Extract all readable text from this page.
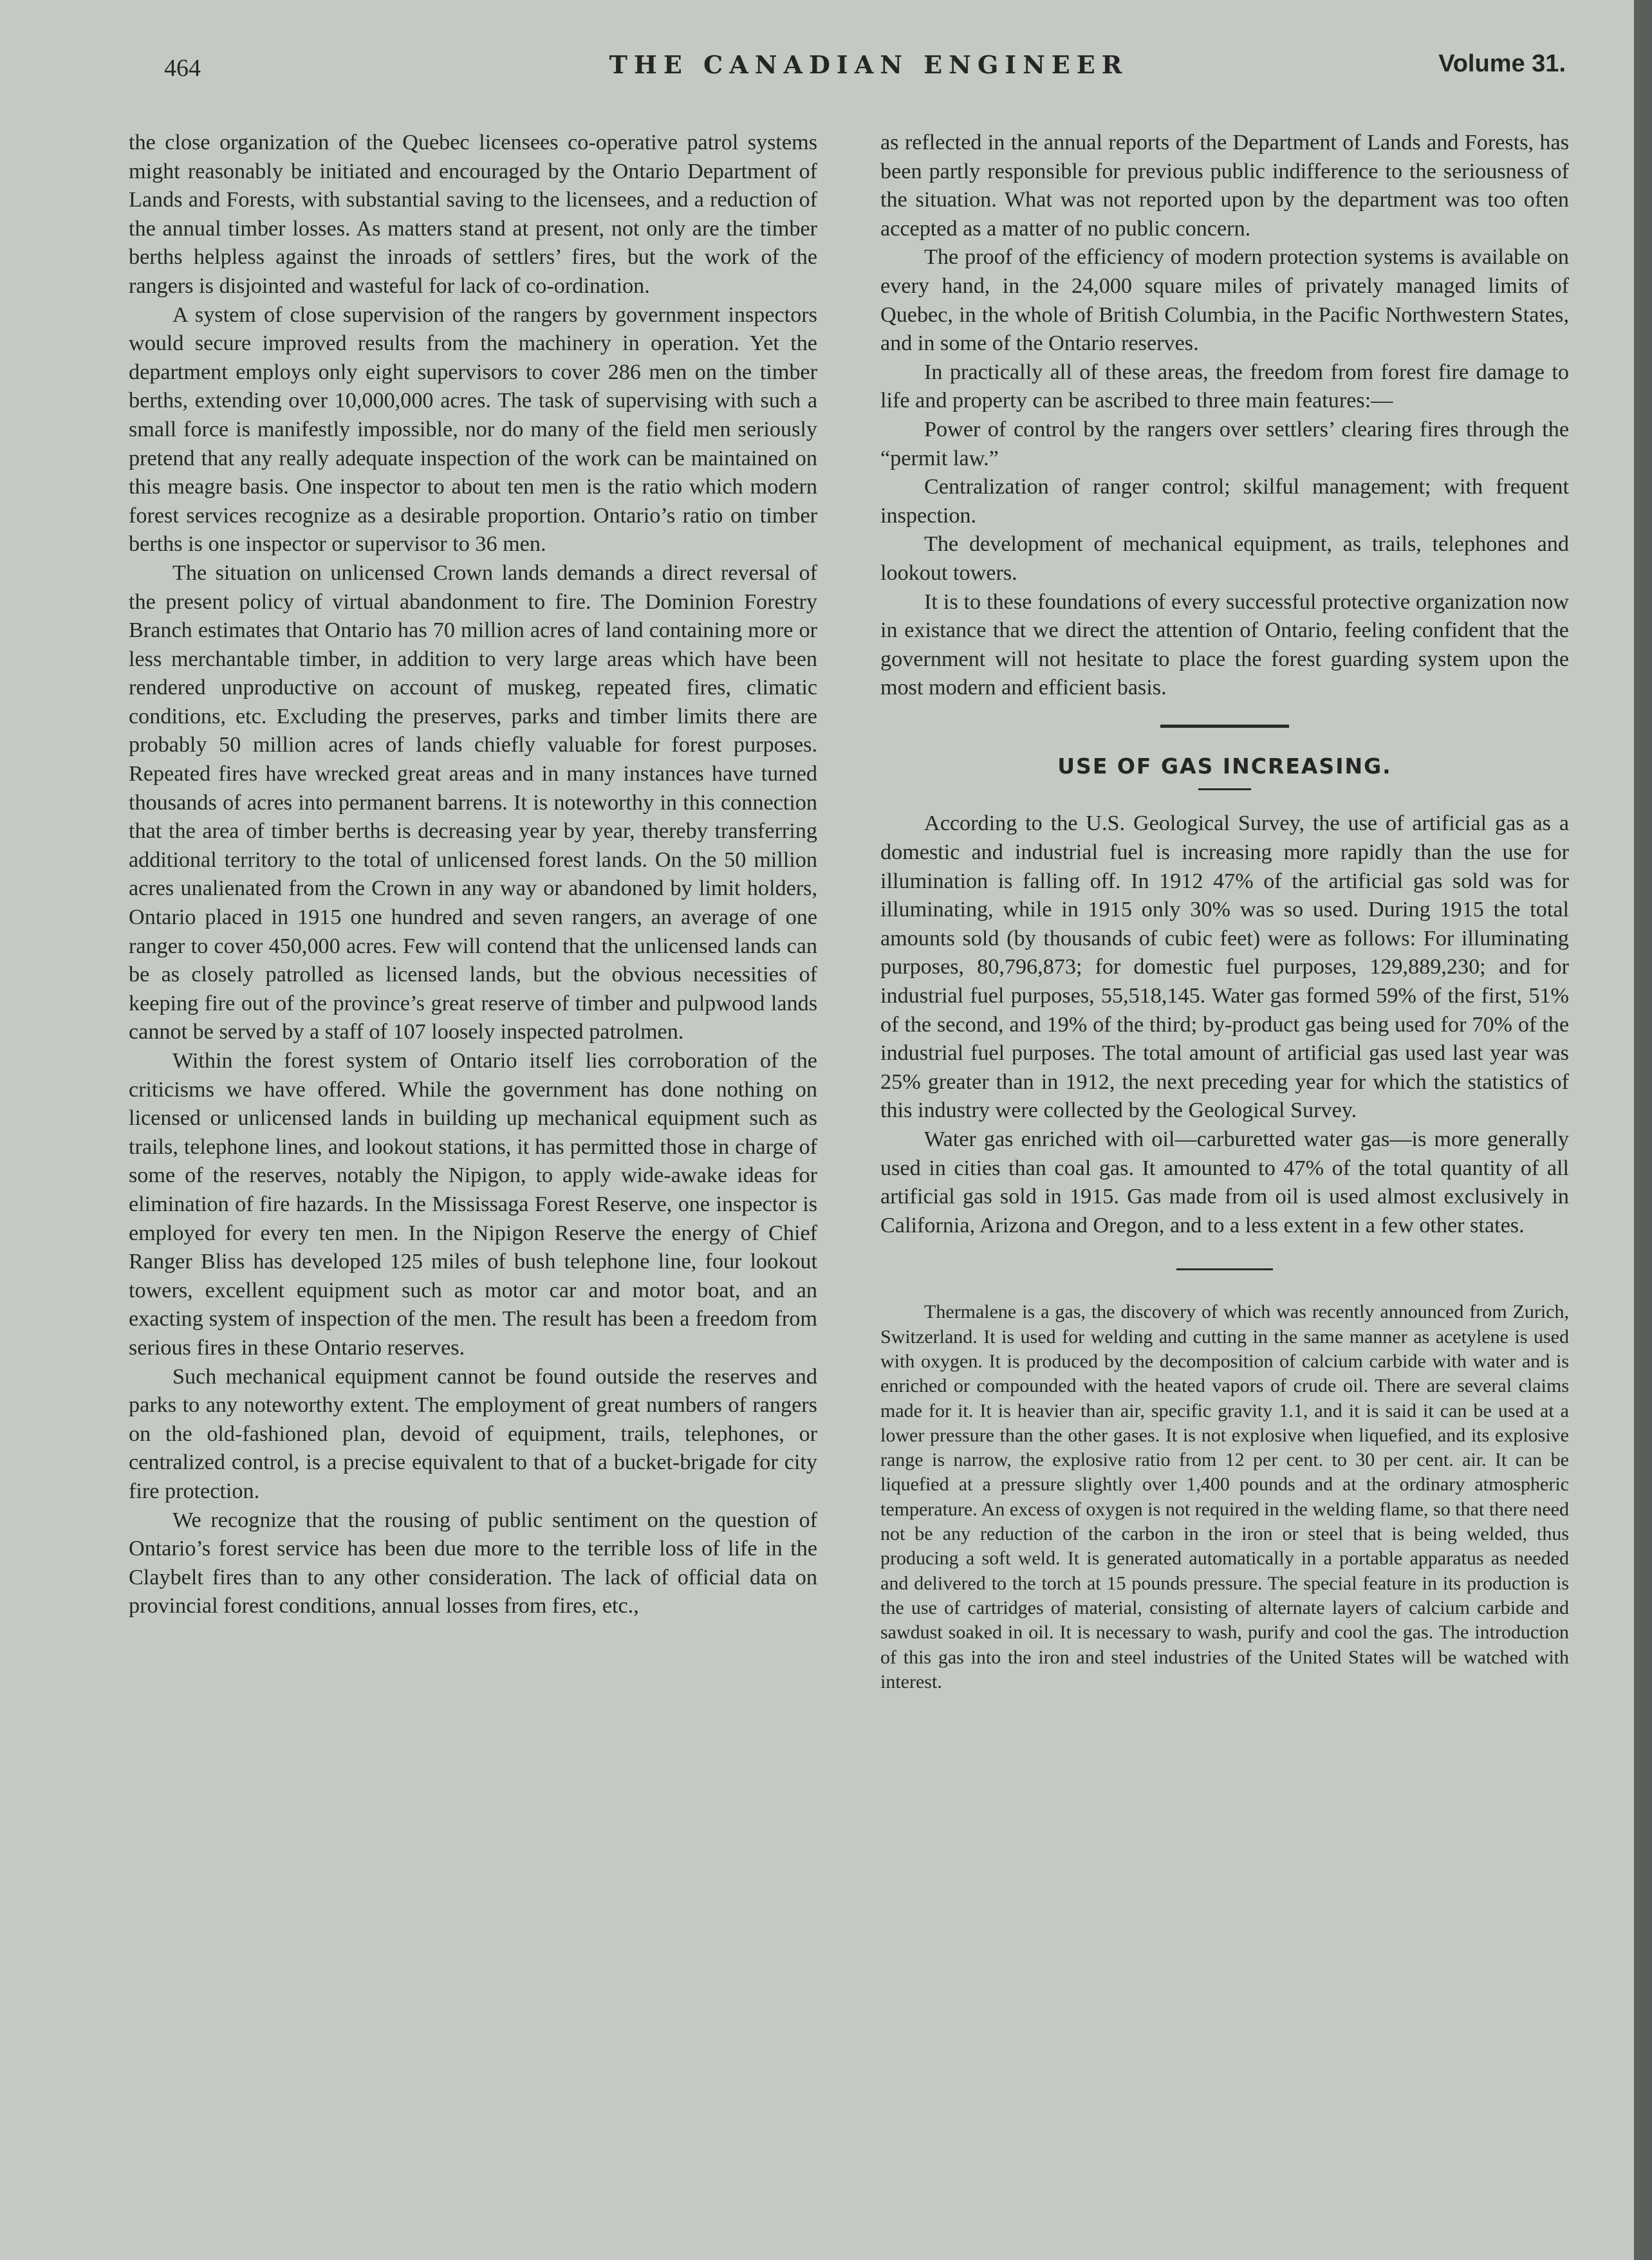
464	THE CANADIAN ENGINEER	Volume 31.

the close organization of the Quebec licensees co-operative patrol systems might reasonably be initiated and encouraged by the Ontario Department of Lands and Forests, with substantial saving to the licensees, and a reduction of the annual timber losses. As matters stand at present, not only are the timber berths helpless against the inroads of settlers’ fires, but the work of the rangers is disjointed and wasteful for lack of co-ordination.

A system of close supervision of the rangers by government inspectors would secure improved results from the machinery in operation. Yet the department employs only eight supervisors to cover 286 men on the timber berths, extending over 10,000,000 acres. The task of supervising with such a small force is manifestly impossible, nor do many of the field men seriously pretend that any really adequate inspection of the work can be maintained on this meagre basis. One inspector to about ten men is the ratio which modern forest services recognize as a desirable proportion. Ontario’s ratio on timber berths is one inspector or supervisor to 36 men.

The situation on unlicensed Crown lands demands a direct reversal of the present policy of virtual abandonment to fire. The Dominion Forestry Branch estimates that Ontario has 70 million acres of land containing more or less merchantable timber, in addition to very large areas which have been rendered unproductive on account of muskeg, repeated fires, climatic conditions, etc. Excluding the preserves, parks and timber limits there are probably 50 million acres of lands chiefly valuable for forest purposes. Repeated fires have wrecked great areas and in many instances have turned thousands of acres into permanent barrens. It is noteworthy in this connection that the area of timber berths is decreasing year by year, thereby transferring additional territory to the total of unlicensed forest lands. On the 50 million acres unalienated from the Crown in any way or abandoned by limit holders, Ontario placed in 1915 one hundred and seven rangers, an average of one ranger to cover 450,000 acres. Few will contend that the unlicensed lands can be as closely patrolled as licensed lands, but the obvious necessities of keeping fire out of the province’s great reserve of timber and pulpwood lands cannot be served by a staff of 107 loosely inspected patrolmen.

Within the forest system of Ontario itself lies corroboration of the criticisms we have offered. While the government has done nothing on licensed or unlicensed lands in building up mechanical equipment such as trails, telephone lines, and lookout stations, it has permitted those in charge of some of the reserves, notably the Nipigon, to apply wide-awake ideas for elimination of fire hazards. In the Mississaga Forest Reserve, one inspector is employed for every ten men. In the Nipigon Reserve the energy of Chief Ranger Bliss has developed 125 miles of bush telephone line, four lookout towers, excellent equipment such as motor car and motor boat, and an exacting system of inspection of the men. The result has been a freedom from serious fires in these Ontario reserves.

Such mechanical equipment cannot be found outside the reserves and parks to any noteworthy extent. The employment of great numbers of rangers on the old-fashioned plan, devoid of equipment, trails, telephones, or centralized control, is a precise equivalent to that of a bucket-brigade for city fire protection.

We recognize that the rousing of public sentiment on the question of Ontario’s forest service has been due more to the terrible loss of life in the Claybelt fires than to any other consideration. The lack of official data on provincial forest conditions, annual losses from fires, etc.,

as reflected in the annual reports of the Department of Lands and Forests, has been partly responsible for previous public indifference to the seriousness of the situation. What was not reported upon by the department was too often accepted as a matter of no public concern.

The proof of the efficiency of modern protection systems is available on every hand, in the 24,000 square miles of privately managed limits of Quebec, in the whole of British Columbia, in the Pacific Northwestern States, and in some of the Ontario reserves.

In practically all of these areas, the freedom from forest fire damage to life and property can be ascribed to three main features:—

Power of control by the rangers over settlers’ clearing fires through the “permit law.”

Centralization of ranger control; skilful management; with frequent inspection.

The development of mechanical equipment, as trails, telephones and lookout towers.

It is to these foundations of every successful protective organization now in existance that we direct the attention of Ontario, feeling confident that the government will not hesitate to place the forest guarding system upon the most modern and efficient basis.

USE OF GAS INCREASING.

According to the U.S. Geological Survey, the use of artificial gas as a domestic and industrial fuel is increasing more rapidly than the use for illumination is falling off. In 1912 47% of the artificial gas sold was for illuminating, while in 1915 only 30% was so used. During 1915 the total amounts sold (by thousands of cubic feet) were as follows: For illuminating purposes, 80,796,873; for domestic fuel purposes, 129,889,230; and for industrial fuel purposes, 55,518,145. Water gas formed 59% of the first, 51% of the second, and 19% of the third; by-product gas being used for 70% of the industrial fuel purposes. The total amount of artificial gas used last year was 25% greater than in 1912, the next preceding year for which the statistics of this industry were collected by the Geological Survey.

Water gas enriched with oil—carburetted water gas—is more generally used in cities than coal gas. It amounted to 47% of the total quantity of all artificial gas sold in 1915. Gas made from oil is used almost exclusively in California, Arizona and Oregon, and to a less extent in a few other states.

Thermalene is a gas, the discovery of which was recently announced from Zurich, Switzerland. It is used for welding and cutting in the same manner as acetylene is used with oxygen. It is produced by the decomposition of calcium carbide with water and is enriched or compounded with the heated vapors of crude oil. There are several claims made for it. It is heavier than air, specific gravity 1.1, and it is said it can be used at a lower pressure than the other gases. It is not explosive when liquefied, and its explosive range is narrow, the explosive ratio from 12 per cent. to 30 per cent. air. It can be liquefied at a pressure slightly over 1,400 pounds and at the ordinary atmospheric temperature. An excess of oxygen is not required in the welding flame, so that there need not be any reduction of the carbon in the iron or steel that is being welded, thus producing a soft weld. It is generated automatically in a portable apparatus as needed and delivered to the torch at 15 pounds pressure. The special feature in its production is the use of cartridges of material, consisting of alternate layers of calcium carbide and sawdust soaked in oil. It is necessary to wash, purify and cool the gas. The introduction of this gas into the iron and steel industries of the United States will be watched with interest.
